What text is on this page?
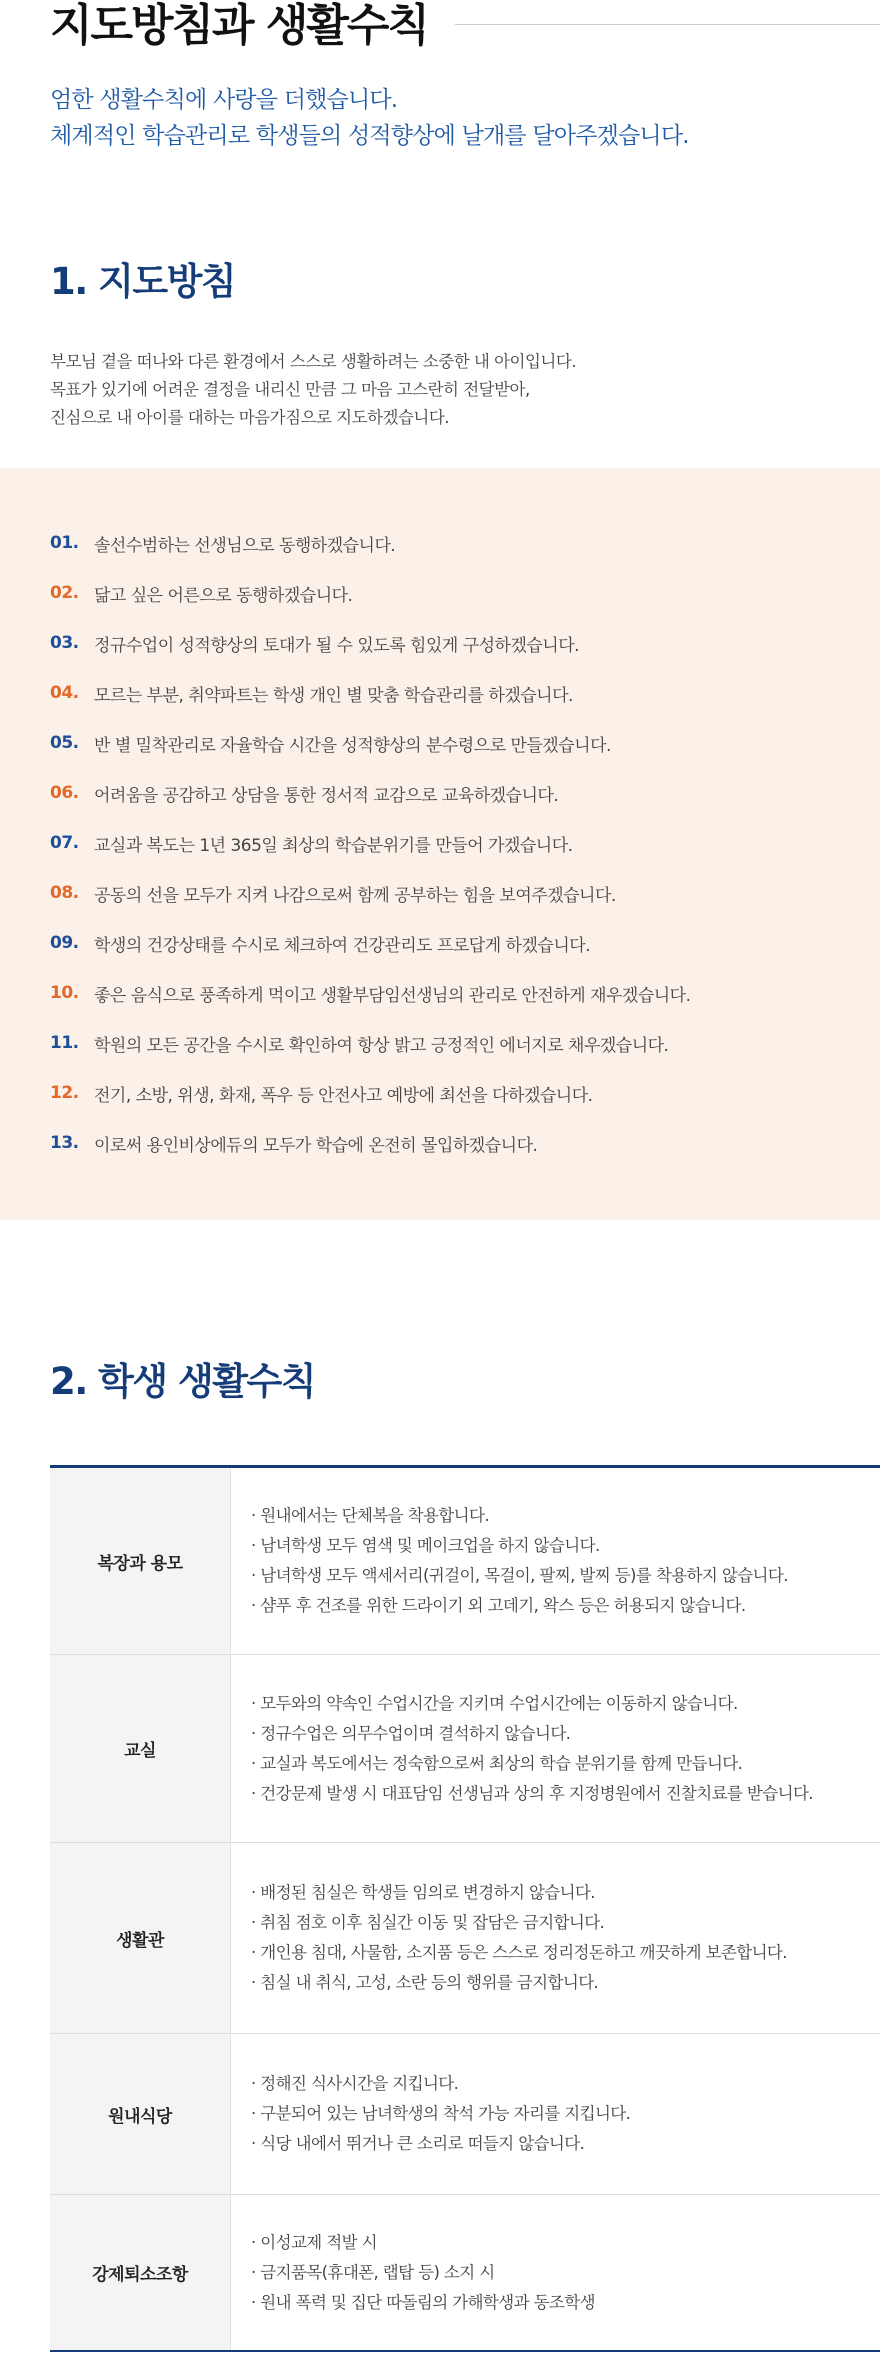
지도방침과 생활수칙

엄한 생활수칙에 사랑을 더했습니다.
체계적인 학습관리로 학생들의 성적향상에 날개를 달아주겠습니다.

1. 지도방침

부모님 곁을 떠나와 다른 환경에서 스스로 생활하려는 소중한 내 아이입니다.
목표가 있기에 어려운 결정을 내리신 만큼 그 마음 고스란히 전달받아,
진심으로 내 아이를 대하는 마음가짐으로 지도하겠습니다.

01. 솔선수범하는 선생님으로 동행하겠습니다.
02. 닮고 싶은 어른으로 동행하겠습니다.
03. 정규수업이 성적향상의 토대가 될 수 있도록 힘있게 구성하겠습니다.
04. 모르는 부분, 취약파트는 학생 개인 별 맞춤 학습관리를 하겠습니다.
05. 반 별 밀착관리로 자율학습 시간을 성적향상의 분수령으로 만들겠습니다.
06. 어려움을 공감하고 상담을 통한 정서적 교감으로 교육하겠습니다.
07. 교실과 복도는 1년 365일 최상의 학습분위기를 만들어 가겠습니다.
08. 공동의 선을 모두가 지켜 나감으로써 함께 공부하는 힘을 보여주겠습니다.
09. 학생의 건강상태를 수시로 체크하여 건강관리도 프로답게 하겠습니다.
10. 좋은 음식으로 풍족하게 먹이고 생활부담임선생님의 관리로 안전하게 재우겠습니다.
11. 학원의 모든 공간을 수시로 확인하여 항상 밝고 긍정적인 에너지로 채우겠습니다.
12. 전기, 소방, 위생, 화재, 폭우 등 안전사고 예방에 최선을 다하겠습니다.
13. 이로써 용인비상에듀의 모두가 학습에 온전히 몰입하겠습니다.
2. 학생 생활수칙
복장과 용모
· 원내에서는 단체복을 착용합니다.
· 남녀학생 모두 염색 및 메이크업을 하지 않습니다.
· 남녀학생 모두 액세서리(귀걸이, 목걸이, 팔찌, 발찌 등)를 착용하지 않습니다.
· 샴푸 후 건조를 위한 드라이기 외 고데기, 왁스 등은 허용되지 않습니다.
교실
· 모두와의 약속인 수업시간을 지키며 수업시간에는 이동하지 않습니다.
· 정규수업은 의무수업이며 결석하지 않습니다.
· 교실과 복도에서는 정숙함으로써 최상의 학습 분위기를 함께 만듭니다.
· 건강문제 발생 시 대표담임 선생님과 상의 후 지정병원에서 진찰치료를 받습니다.
생활관
· 배정된 침실은 학생들 임의로 변경하지 않습니다.
· 취침 점호 이후 침실간 이동 및 잡담은 금지합니다.
· 개인용 침대, 사물함, 소지품 등은 스스로 정리정돈하고 깨끗하게 보존합니다.
· 침실 내 취식, 고성, 소란 등의 행위를 금지합니다.
원내식당
· 정해진 식사시간을 지킵니다.
· 구분되어 있는 남녀학생의 착석 가능 자리를 지킵니다.
· 식당 내에서 뛰거나 큰 소리로 떠들지 않습니다.
강제퇴소조항
· 이성교제 적발 시
· 금지품목(휴대폰, 랩탑 등) 소지 시
· 원내 폭력 및 집단 따돌림의 가해학생과 동조학생
